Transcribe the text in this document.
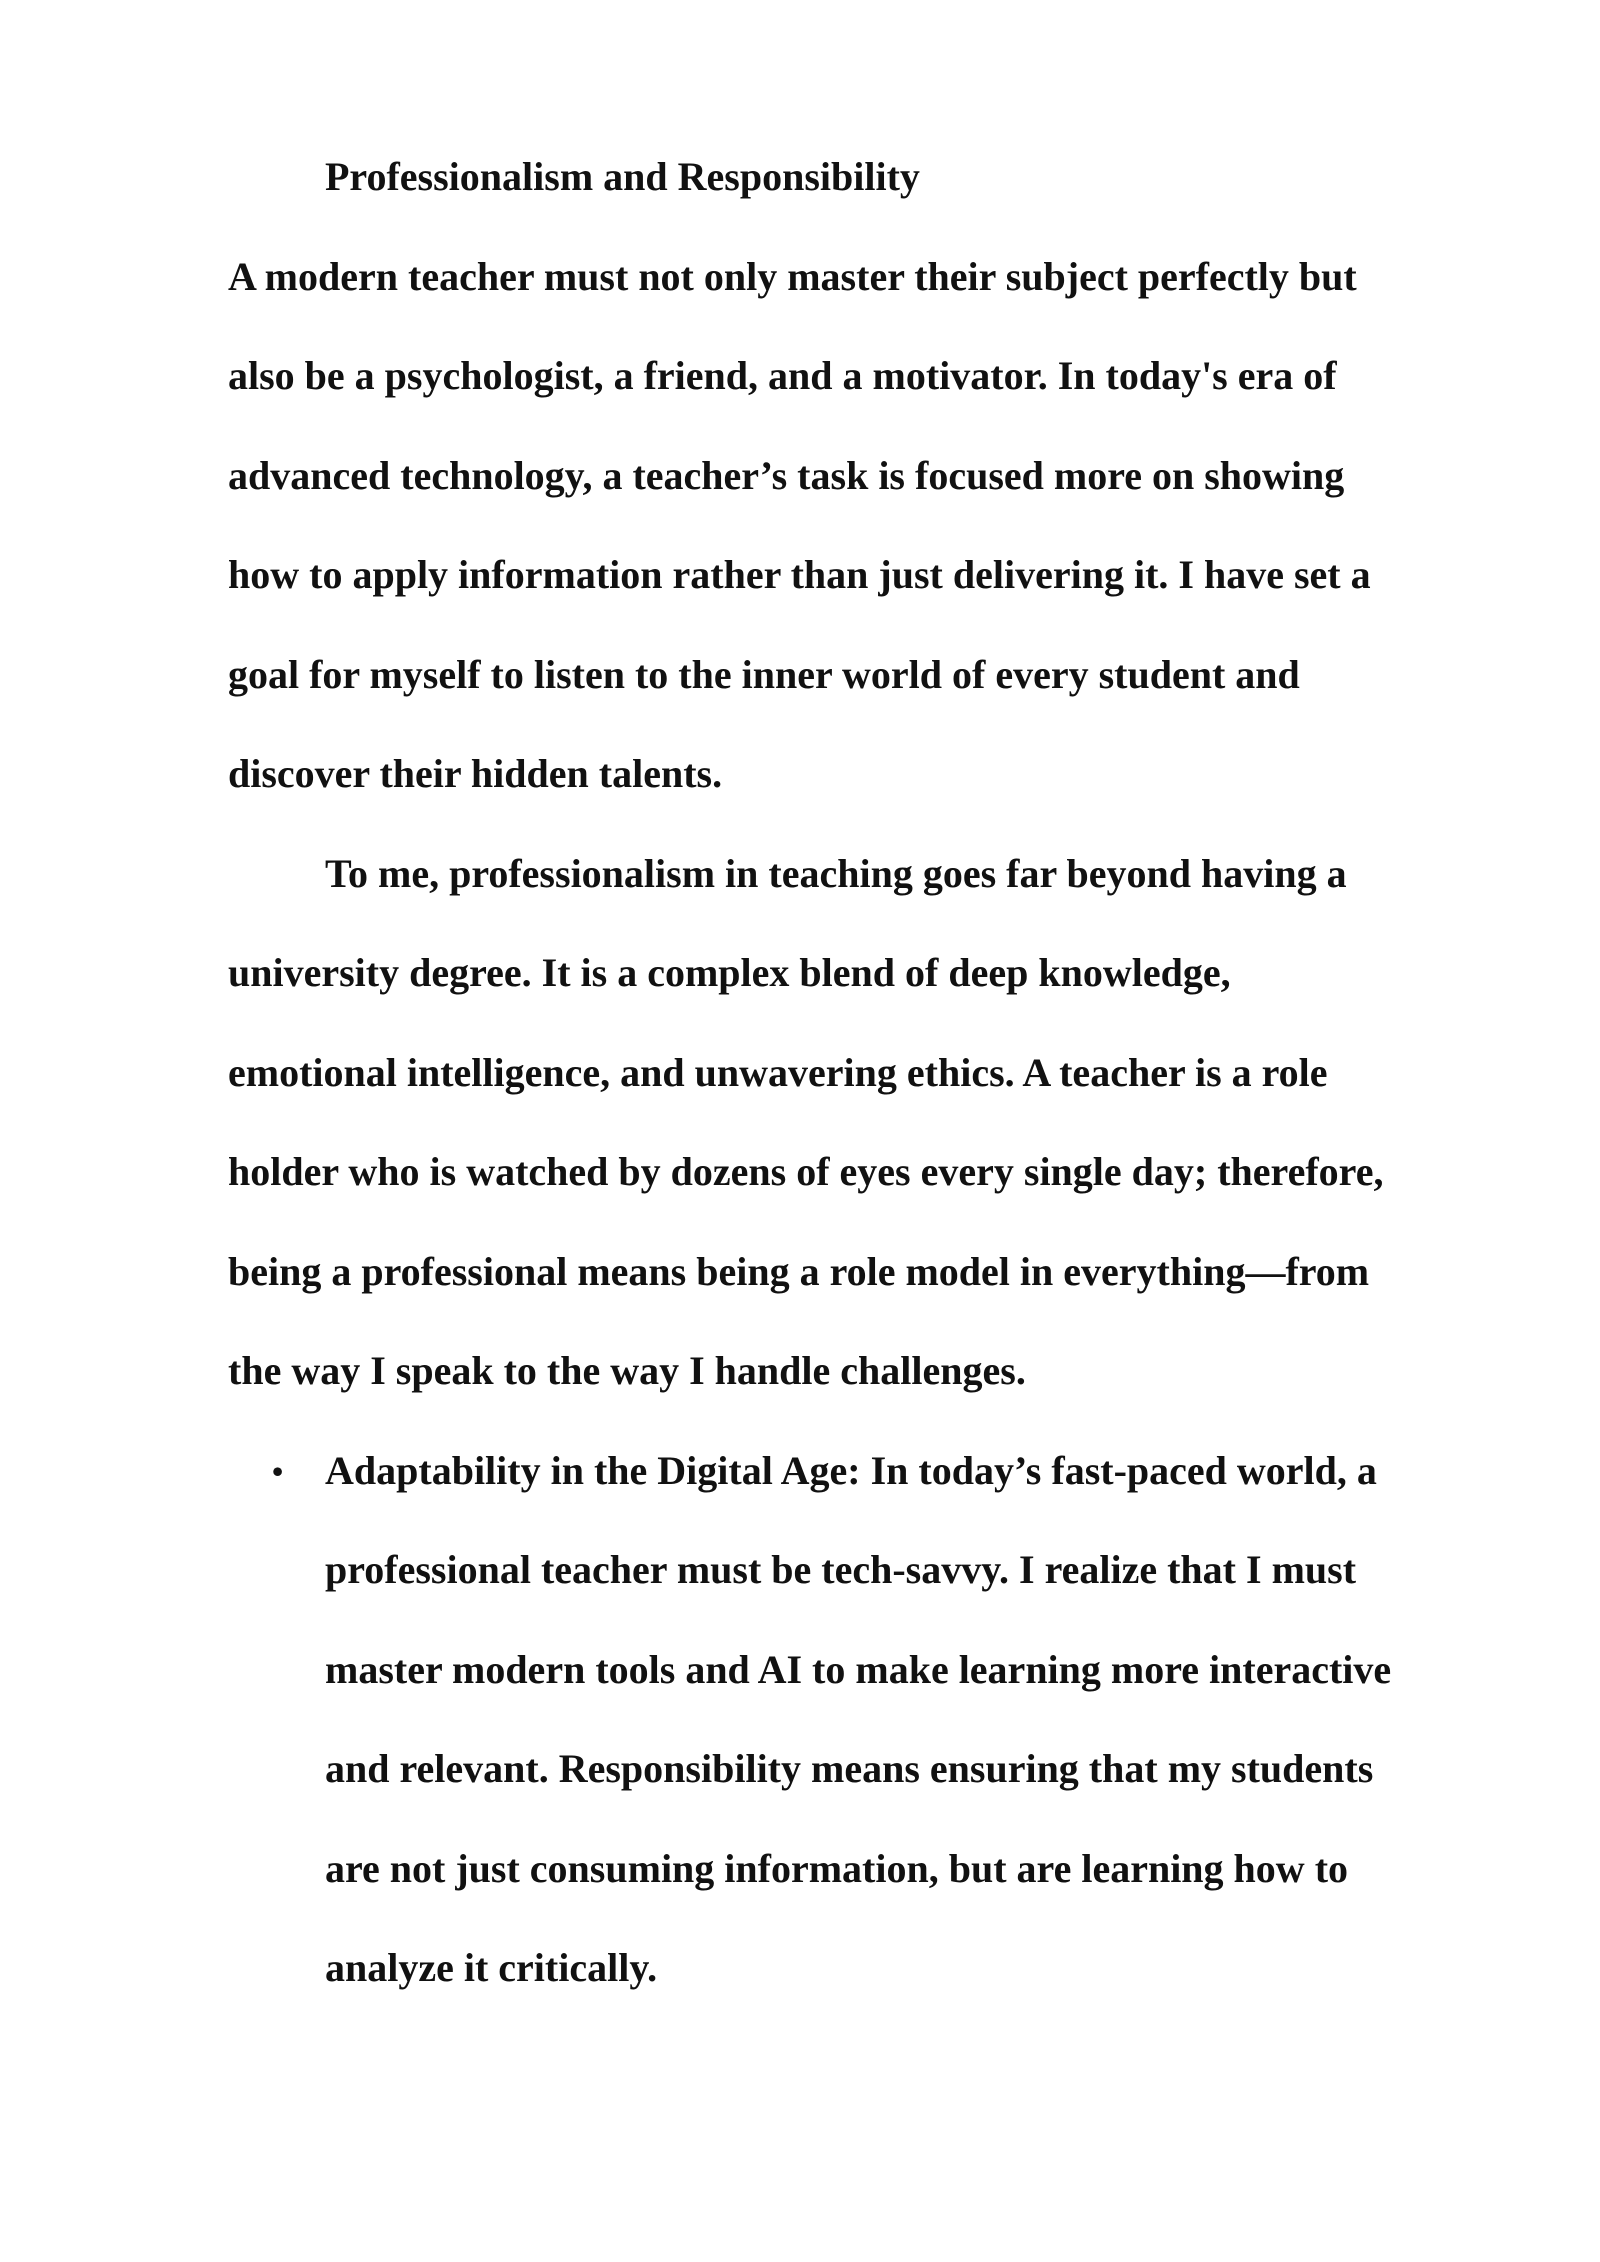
Professionalism and Responsibility
A modern teacher must not only master their subject perfectly but
also be a psychologist, a friend, and a motivator. In today's era of
advanced technology, a teacher’s task is focused more on showing
how to apply information rather than just delivering it. I have set a
goal for myself to listen to the inner world of every student and
discover their hidden talents.
To me, professionalism in teaching goes far beyond having a
university degree. It is a complex blend of deep knowledge,
emotional intelligence, and unwavering ethics. A teacher is a role
holder who is watched by dozens of eyes every single day; therefore,
being a professional means being a role model in everything—from
the way I speak to the way I handle challenges.
• Adaptability in the Digital Age: In today’s fast-paced world, a
professional teacher must be tech-savvy. I realize that I must
master modern tools and AI to make learning more interactive
and relevant. Responsibility means ensuring that my students
are not just consuming information, but are learning how to
analyze it critically.
